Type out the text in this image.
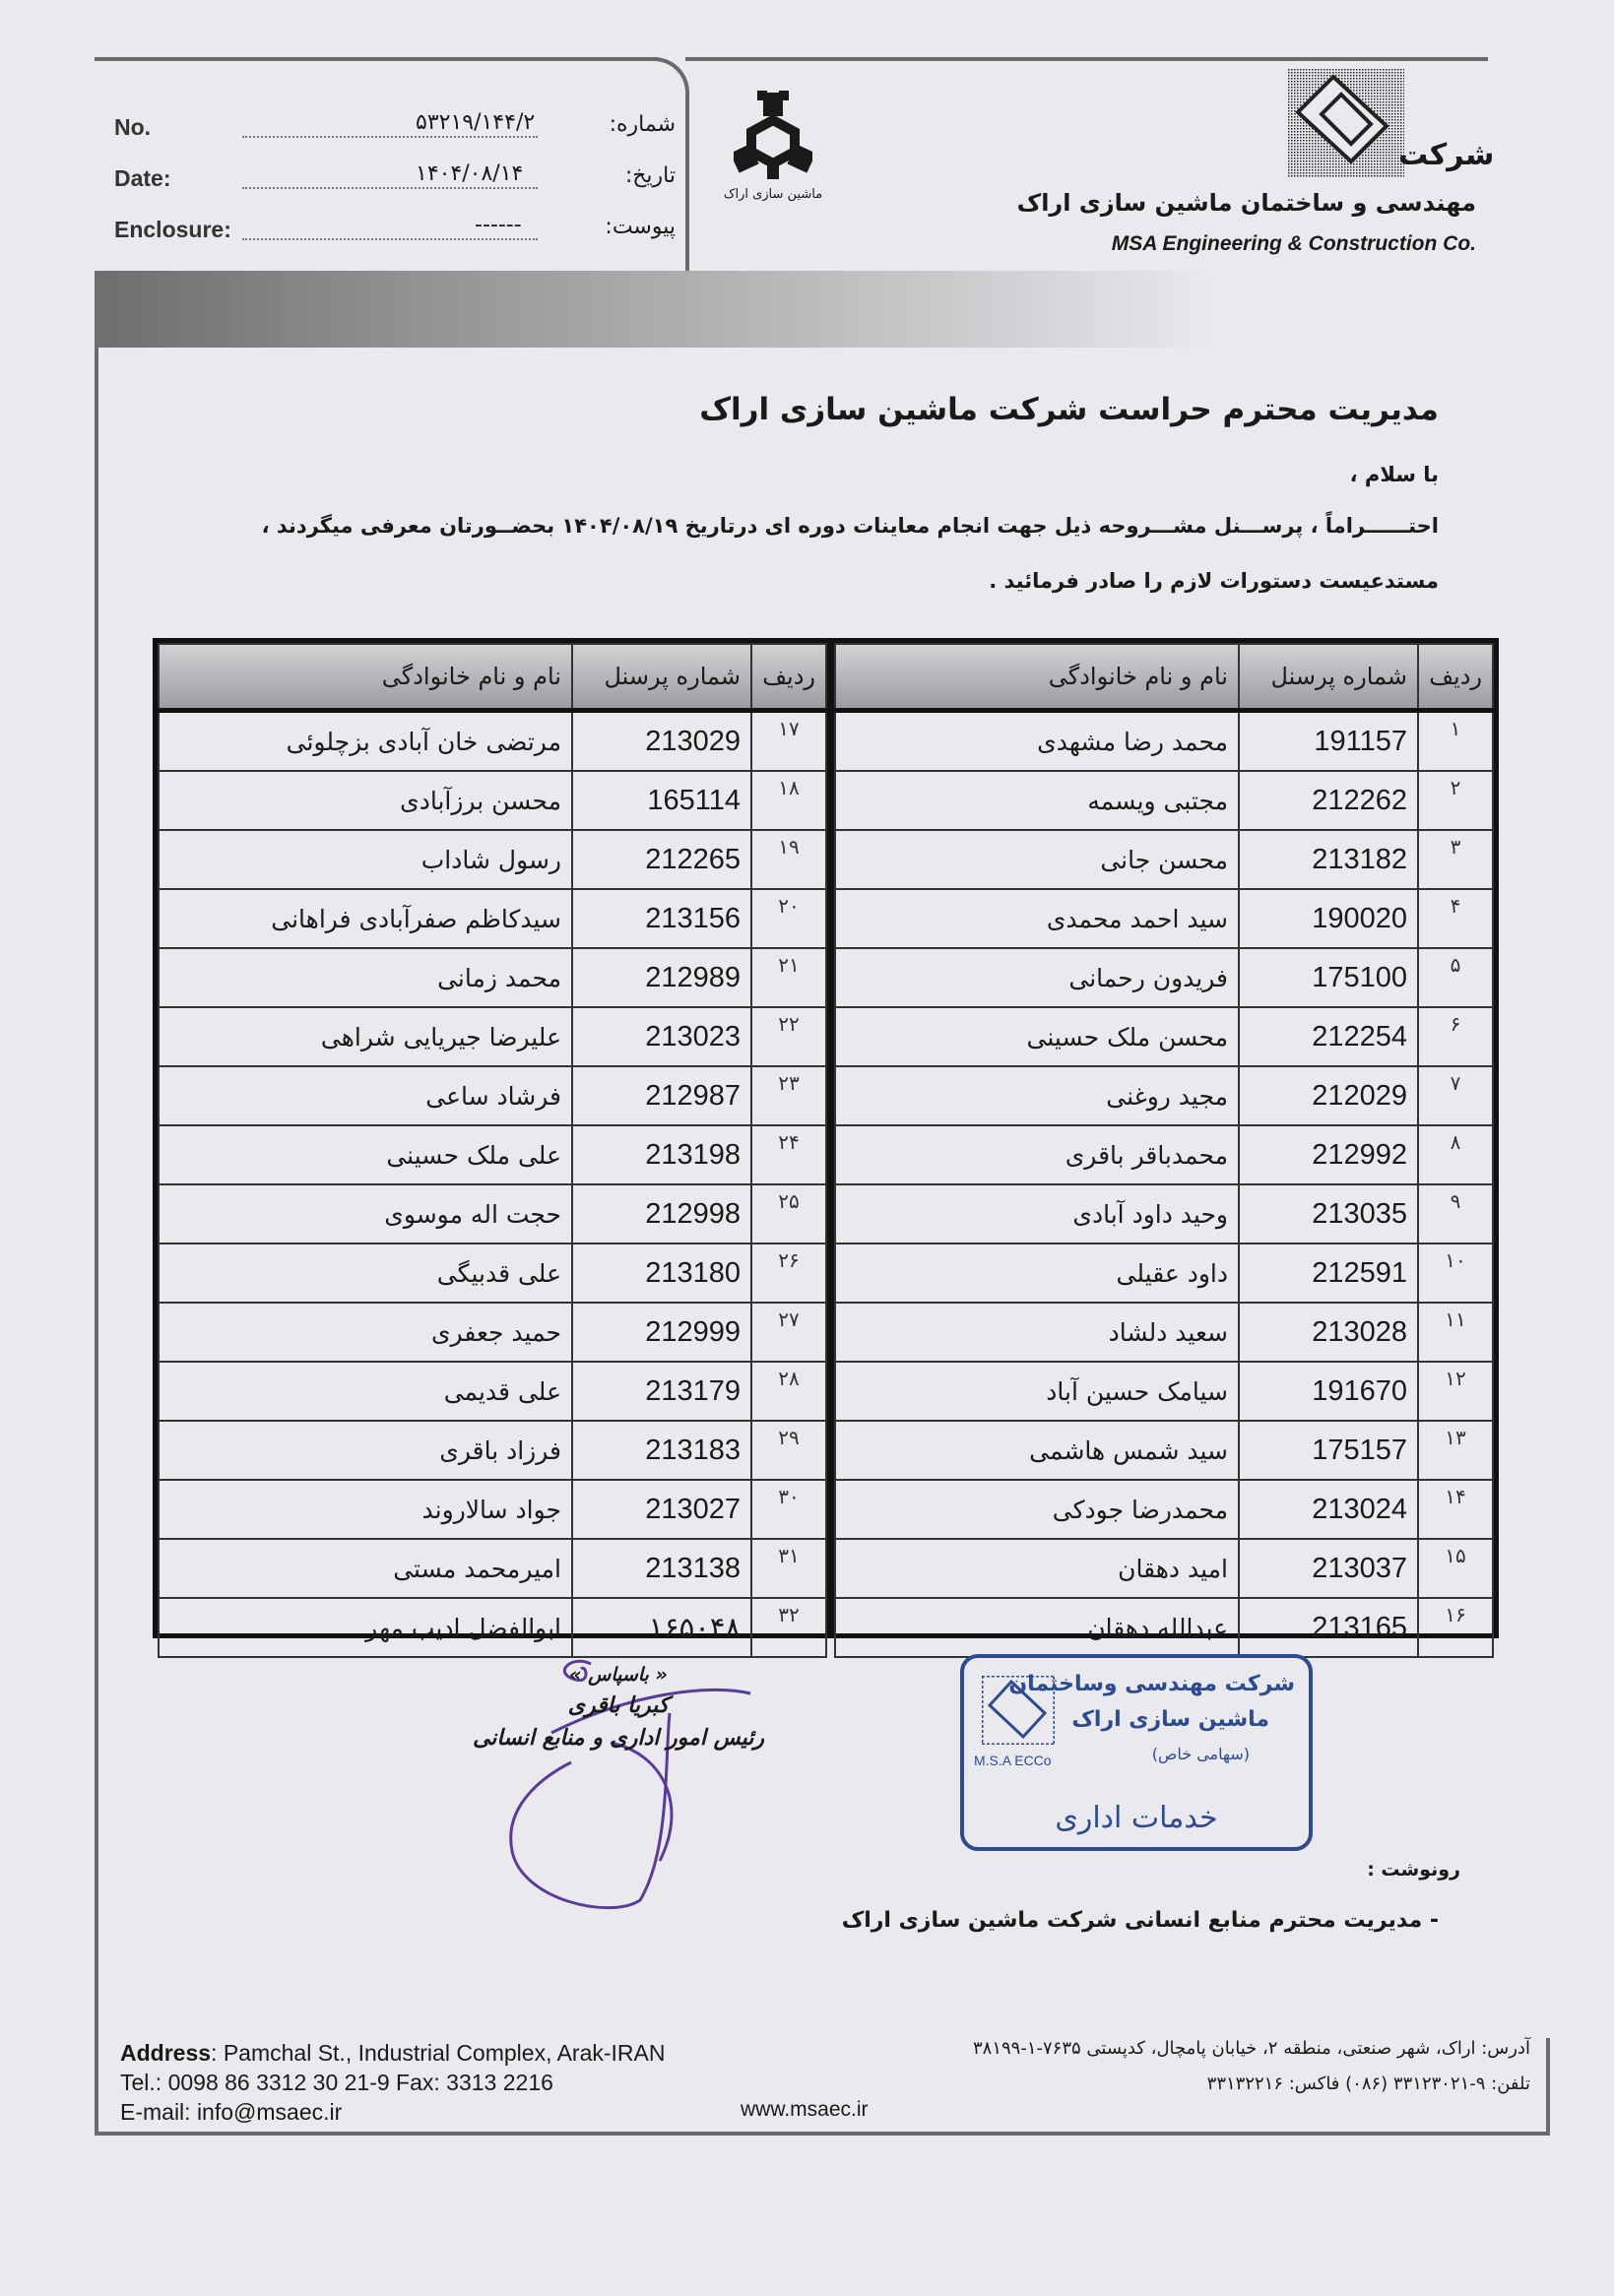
No.	۵۳۲۱۹/۱۴۴/۲	شماره:
Date:	۱۴۰۴/۰۸/۱۴	تاریخ:
Enclosure:	------	پیوست:
ماشین سازی اراک
شرکت
مهندسی و ساختمان ماشین سازی اراک
MSA Engineering & Construction Co.
مدیریت محترم حراست شرکت ماشین سازی اراک
با سلام ،
احتــــــراماً ، پرســـنل مشـــروحه ذیل جهت انجام معاینات دوره ای درتاریخ ۱۴۰۴/۰۸/۱۹ بحضــورتان معرفی میگردند ،
مستدعیست دستورات لازم را صادر فرمائید .
ردیف	شماره پرسنل	نام و نام خانوادگی
۱	191157	محمد رضا مشهدی
۲	212262	مجتبی ویسمه
۳	213182	محسن جانی
۴	190020	سید احمد محمدی
۵	175100	فریدون رحمانی
۶	212254	محسن ملک حسینی
۷	212029	مجید روغنی
۸	212992	محمدباقر باقری
۹	213035	وحید داود آبادی
۱۰	212591	داود عقیلی
۱۱	213028	سعید دلشاد
۱۲	191670	سیامک حسین آباد
۱۳	175157	سید شمس هاشمی
۱۴	213024	محمدرضا جودکی
۱۵	213037	امید دهقان
۱۶	213165	عبدالله دهقان
ردیف	شماره پرسنل	نام و نام خانوادگی
۱۷	213029	مرتضی خان آبادی بزچلوئی
۱۸	165114	محسن برزآبادی
۱۹	212265	رسول شاداب
۲۰	213156	سیدکاظم صفرآبادی فراهانی
۲۱	212989	محمد زمانی
۲۲	213023	علیرضا جیریایی شراهی
۲۳	212987	فرشاد ساعی
۲۴	213198	علی ملک حسینی
۲۵	212998	حجت اله موسوی
۲۶	213180	علی قدبیگی
۲۷	212999	حمید جعفری
۲۸	213179	علی قدیمی
۲۹	213183	فرزاد باقری
۳۰	213027	جواد سالاروند
۳۱	213138	امیرمحمد مستی
۳۲	۱۶۵۰۴۸	ابوالفضل ادیب مهر
« باسپاس »
کبریا باقری
رئیس امور اداری و منابع انسانی
شرکت مهندسی وساختمان
ماشین سازی اراک
(سهامی خاص)
M.S.A ECCo
خدمات اداری
رونوشت :
- مدیریت محترم منابع انسانی شرکت ماشین سازی اراک
Address: Pamchal St., Industrial Complex, Arak-IRAN
Tel.: 0098 86 3312 30 21-9 Fax: 3313 2216
E-mail: info@msaec.ir	www.msaec.ir
آدرس: اراک، شهر صنعتی، منطقه ۲، خیابان پامچال، کدپستی ۷۶۳۵-۱-۳۸۱۹۹
تلفن: ۹-۳۳۱۲۳۰۲۱ (۰۸۶) فاکس: ۳۳۱۳۲۲۱۶
